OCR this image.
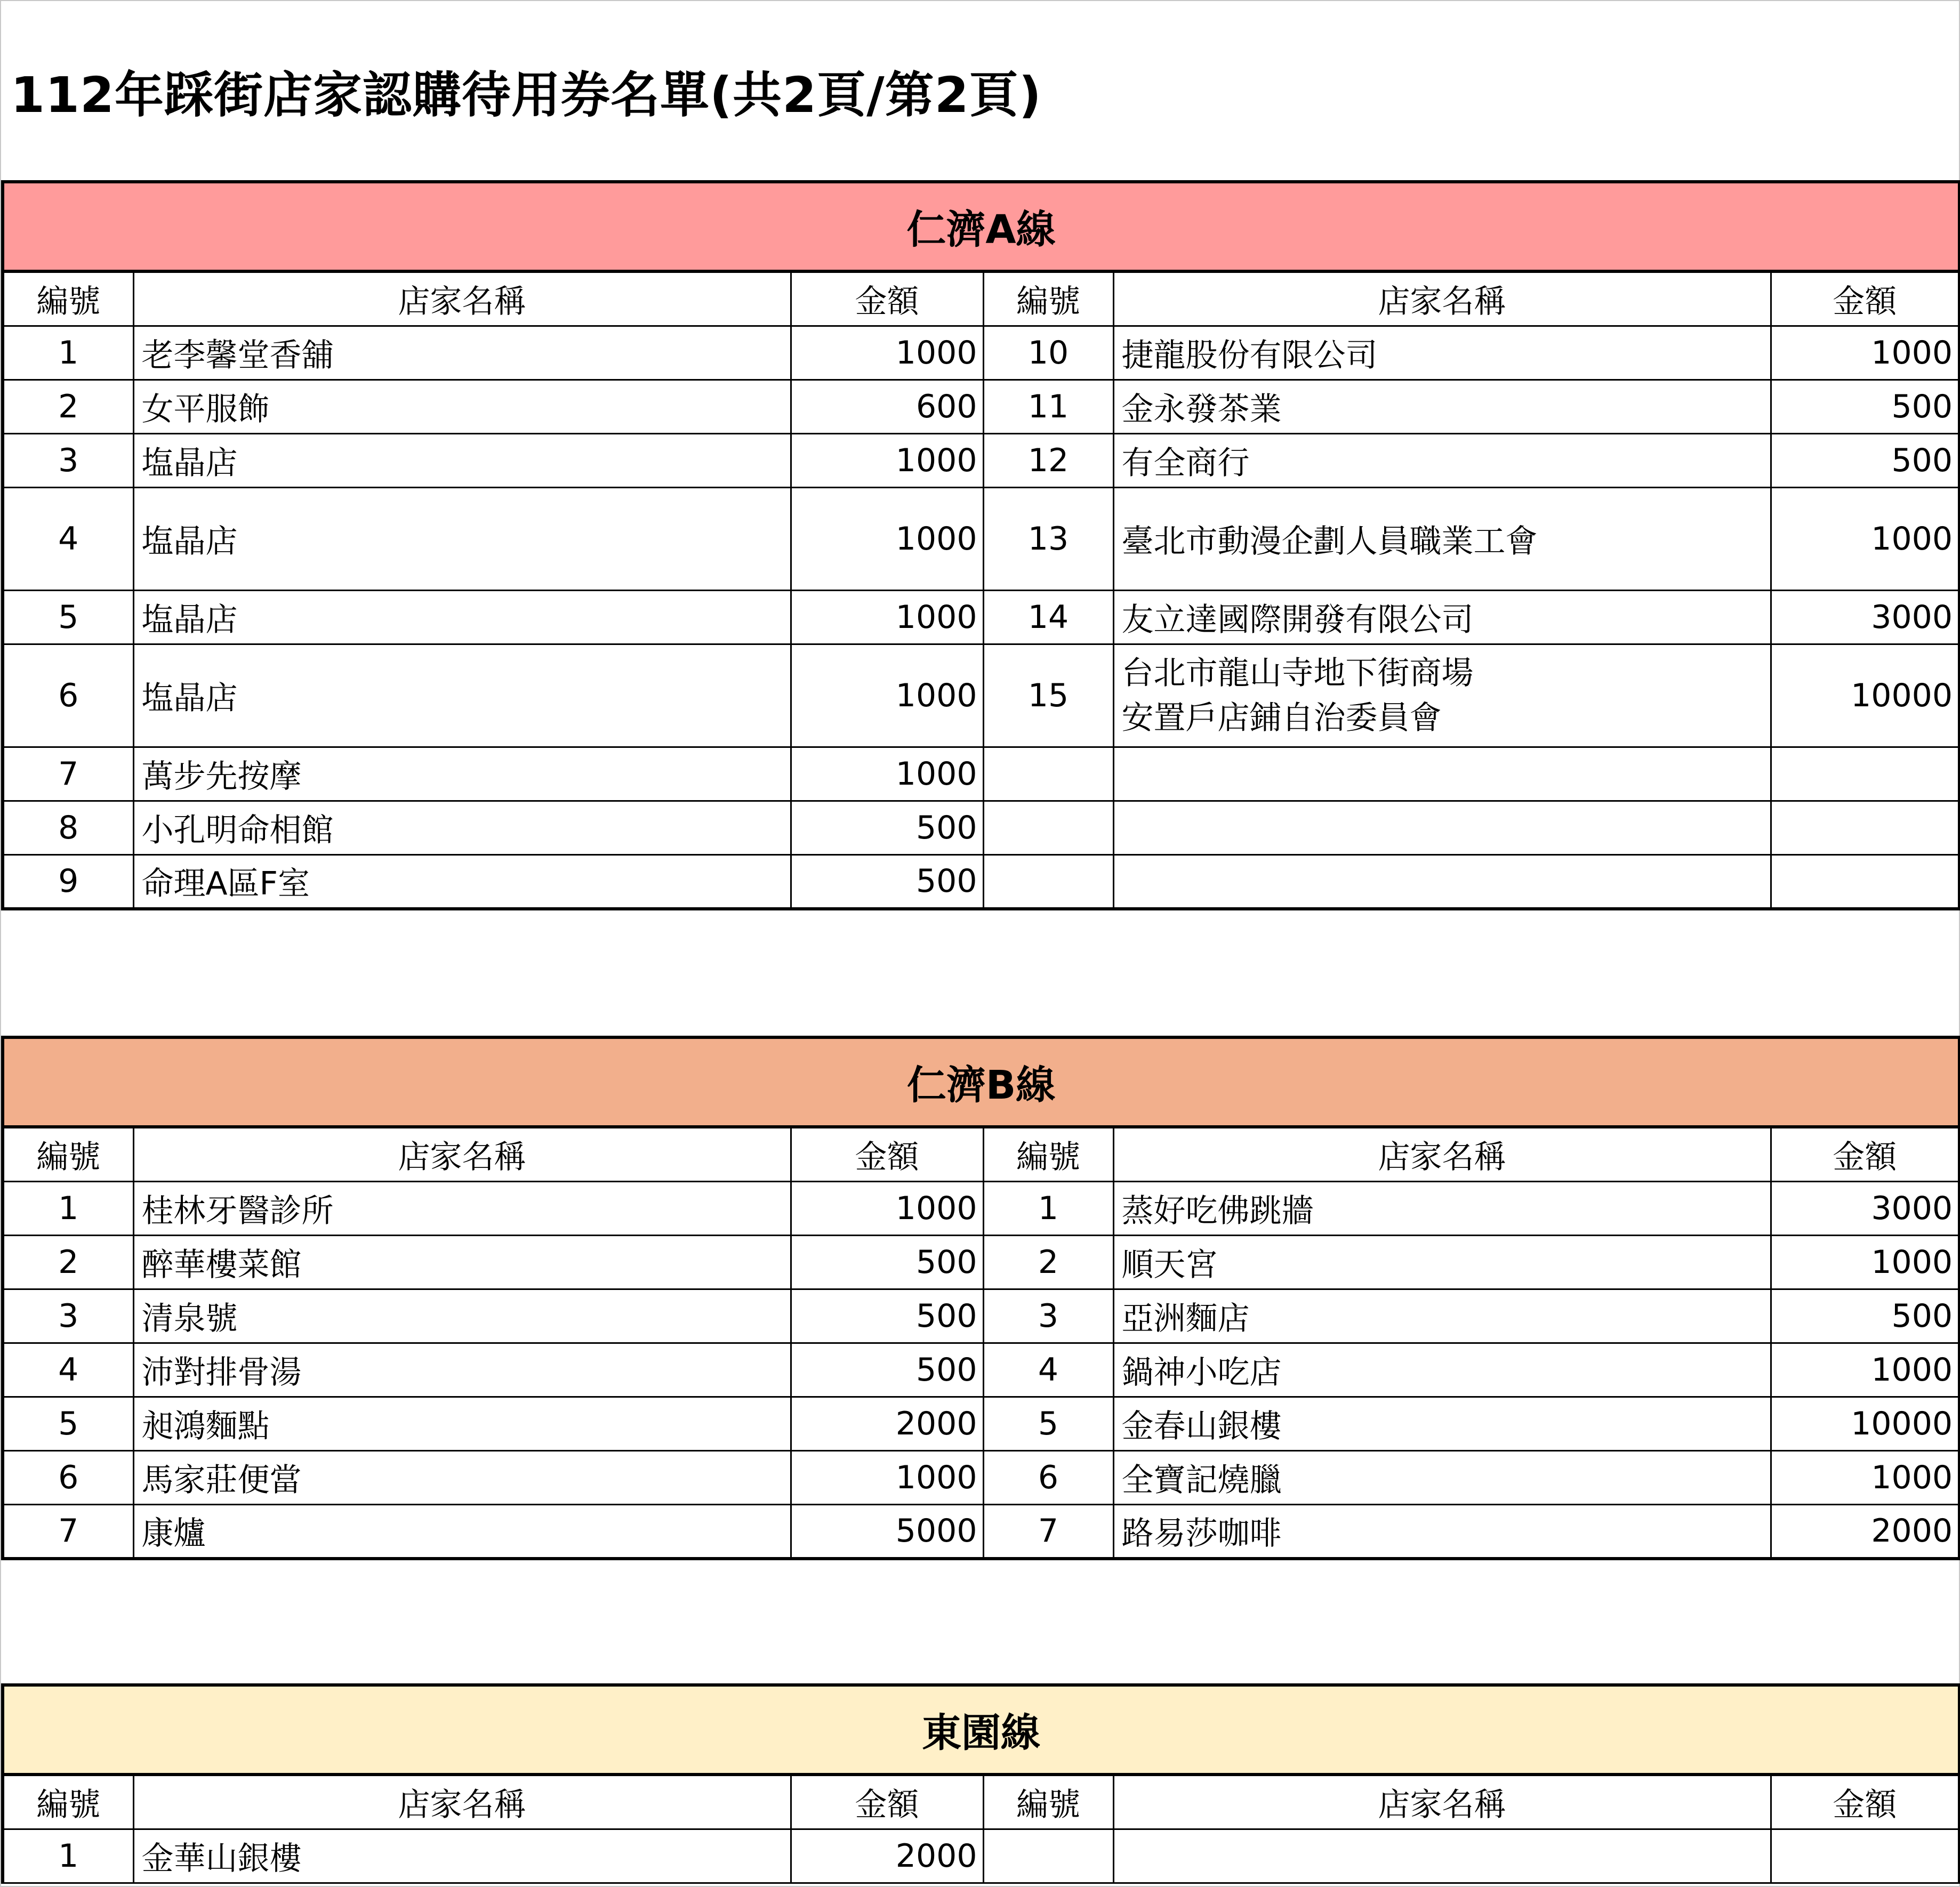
112年踩街店家認購待用券名單(共2頁/第2頁)
仁濟A線					
編號	店家名稱	金額	編號	店家名稱	金額
1	老李馨堂香舖	1000	10	捷龍股份有限公司	1000
2	女平服飾	600	11	金永發茶業	500
3	塩晶店	1000	12	有全商行	500
4	塩晶店	1000	13	臺北市動漫企劃人員職業工會	1000
5	塩晶店	1000	14	友立達國際開發有限公司	3000
6	塩晶店	1000	15	台北市龍山寺地下街商場
安置戶店鋪自治委員會	10000
7	萬步先按摩	1000			
8	小孔明命相館	500			
9	命理A區F室	500			
仁濟B線					
編號	店家名稱	金額	編號	店家名稱	金額
1	桂林牙醫診所	1000	1	蒸好吃佛跳牆	3000
2	醉華樓菜館	500	2	順天宮	1000
3	清泉號	500	3	亞洲麵店	500
4	沛對排骨湯	500	4	鍋神小吃店	1000
5	昶鴻麵點	2000	5	金春山銀樓	10000
6	馬家莊便當	1000	6	全寶記燒臘	1000
7	康爐	5000	7	路易莎咖啡	2000
東園線					
編號	店家名稱	金額	編號	店家名稱	金額
1	金華山銀樓	2000			
